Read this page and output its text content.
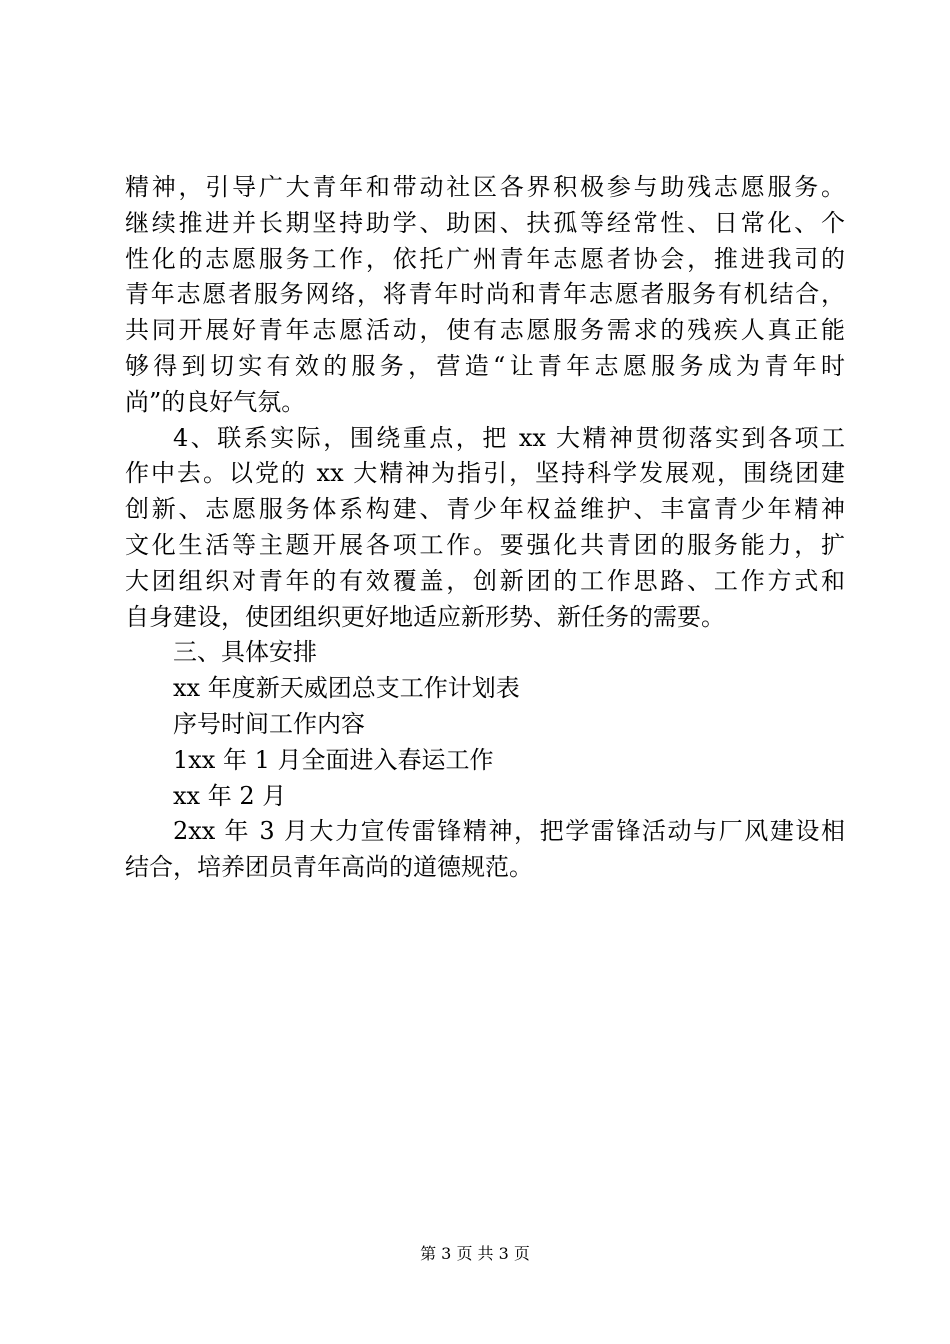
精神，引导广大青年和带动社区各界积极参与助残志愿服务。
继续推进并长期坚持助学、助困、扶孤等经常性、日常化、个
性化的志愿服务工作，依托广州青年志愿者协会，推进我司的
青年志愿者服务网络，将青年时尚和青年志愿者服务有机结合，
共同开展好青年志愿活动，使有志愿服务需求的残疾人真正能
够得到切实有效的服务，营造“让青年志愿服务成为青年时
尚”的良好气氛。
4、联系实际，围绕重点，把 xx 大精神贯彻落实到各项工
作中去。以党的 xx 大精神为指引，坚持科学发展观，围绕团建
创新、志愿服务体系构建、青少年权益维护、丰富青少年精神
文化生活等主题开展各项工作。要强化共青团的服务能力，扩
大团组织对青年的有效覆盖，创新团的工作思路、工作方式和
自身建设，使团组织更好地适应新形势、新任务的需要。
三、具体安排
xx 年度新天威团总支工作计划表
序号时间工作内容
1xx 年 1 月全面进入春运工作
xx 年 2 月
2xx 年 3 月大力宣传雷锋精神，把学雷锋活动与厂风建设相
结合，培养团员青年高尚的道德规范。
第 3 页 共 3 页
